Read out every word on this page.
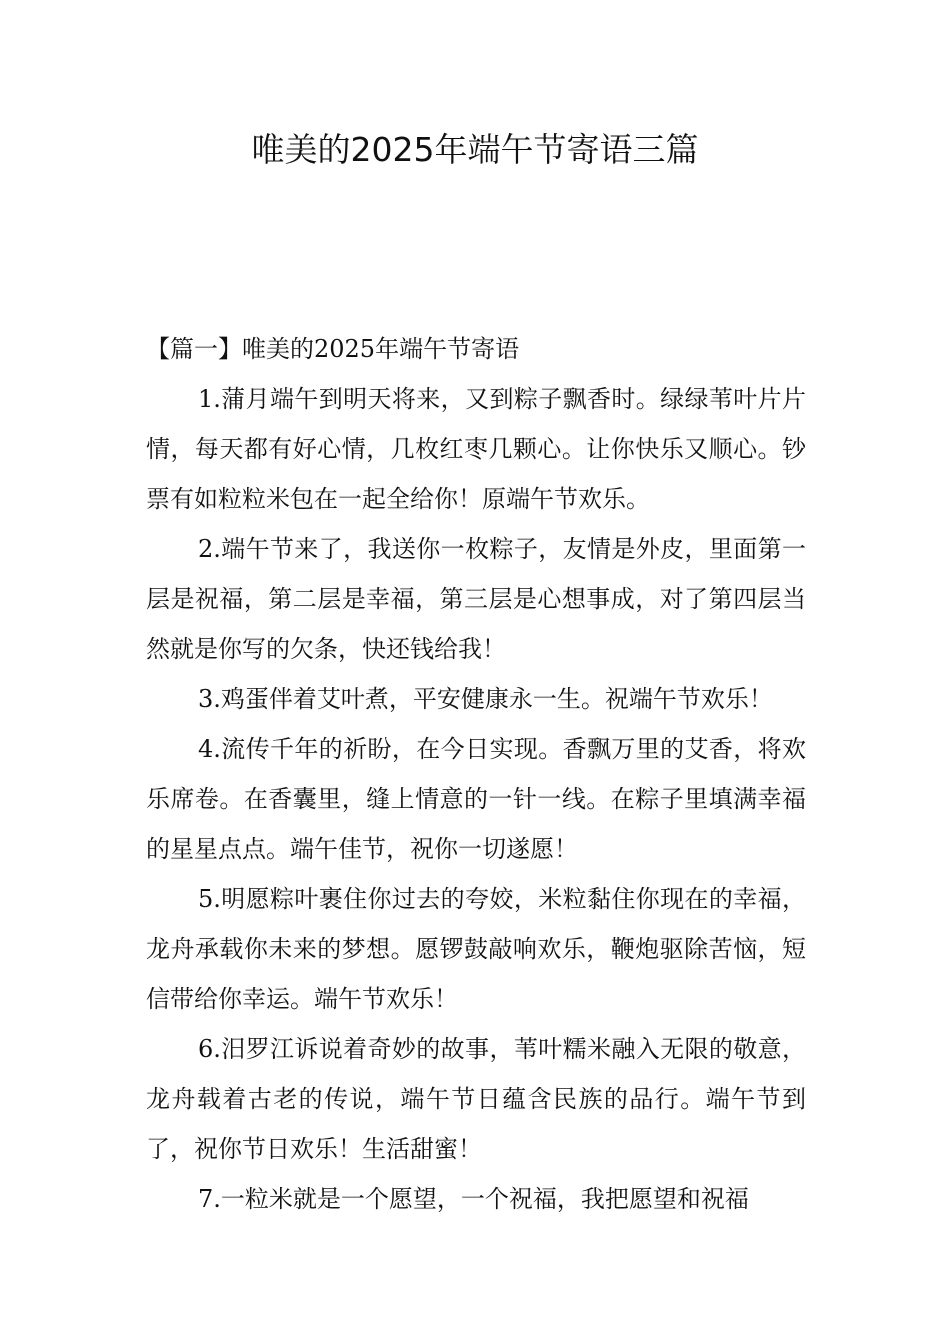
唯美的2025年端午节寄语三篇

【篇一】唯美的2025年端午节寄语

1.蒲月端午到明天将来，又到粽子飘香时。绿绿苇叶片片情，每天都有好心情，几枚红枣几颗心。让你快乐又顺心。钞票有如粒粒米包在一起全给你！原端午节欢乐。

2.端午节来了，我送你一枚粽子，友情是外皮，里面第一层是祝福，第二层是幸福，第三层是心想事成，对了第四层当然就是你写的欠条，快还钱给我！

3.鸡蛋伴着艾叶煮，平安健康永一生。祝端午节欢乐！

4.流传千年的祈盼，在今日实现。香飘万里的艾香，将欢乐席卷。在香囊里，缝上情意的一针一线。在粽子里填满幸福的星星点点。端午佳节，祝你一切遂愿！

5.明愿粽叶裹住你过去的夸姣，米粒黏住你现在的幸福，龙舟承载你未来的梦想。愿锣鼓敲响欢乐，鞭炮驱除苦恼，短信带给你幸运。端午节欢乐！

6.汨罗江诉说着奇妙的故事，苇叶糯米融入无限的敬意，龙舟载着古老的传说，端午节日蕴含民族的品行。端午节到了，祝你节日欢乐！生活甜蜜！

7.一粒米就是一个愿望，一个祝福，我把愿望和祝福
